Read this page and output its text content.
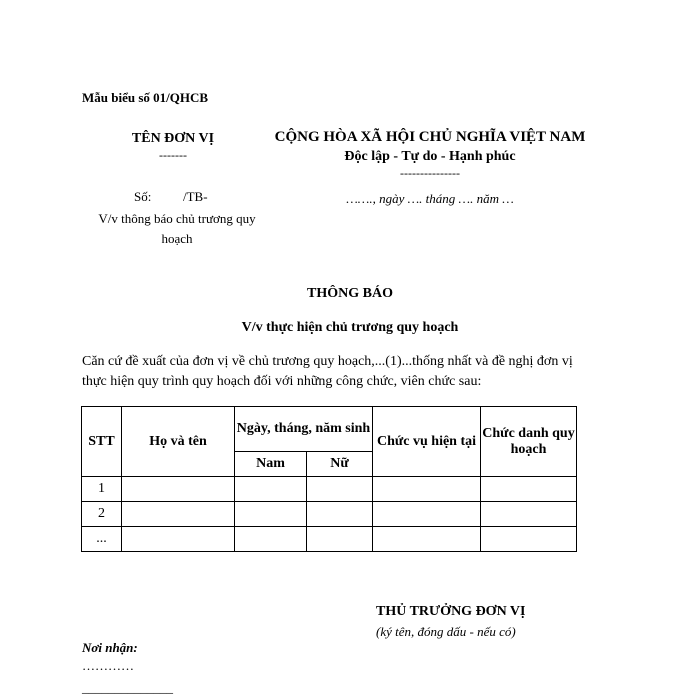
Mẫu biểu số 01/QHCB
TÊN ĐƠN VỊ
-------
Số: /TB-
V/v thông báo chủ trương quy hoạch
CỘNG HÒA XÃ HỘI CHỦ NGHĨA VIỆT NAM
Độc lập - Tự do - Hạnh phúc
---------------
……., ngày …. tháng …. năm …
THÔNG BÁO
V/v thực hiện chủ trương quy hoạch
Căn cứ đề xuất của đơn vị về chủ trương quy hoạch,...(1)...thống nhất và đề nghị đơn vị thực hiện quy trình quy hoạch đối với những công chức, viên chức sau:
STT	Họ và tên	Ngày, tháng, năm sinh		Chức vụ hiện tại	Chức danh quy hoạch
		Nam	Nữ		
1					
2					
...					
THỦ TRƯỞNG ĐƠN VỊ
(ký tên, đóng dấu - nếu có)
Nơi nhận:
…………
______________
